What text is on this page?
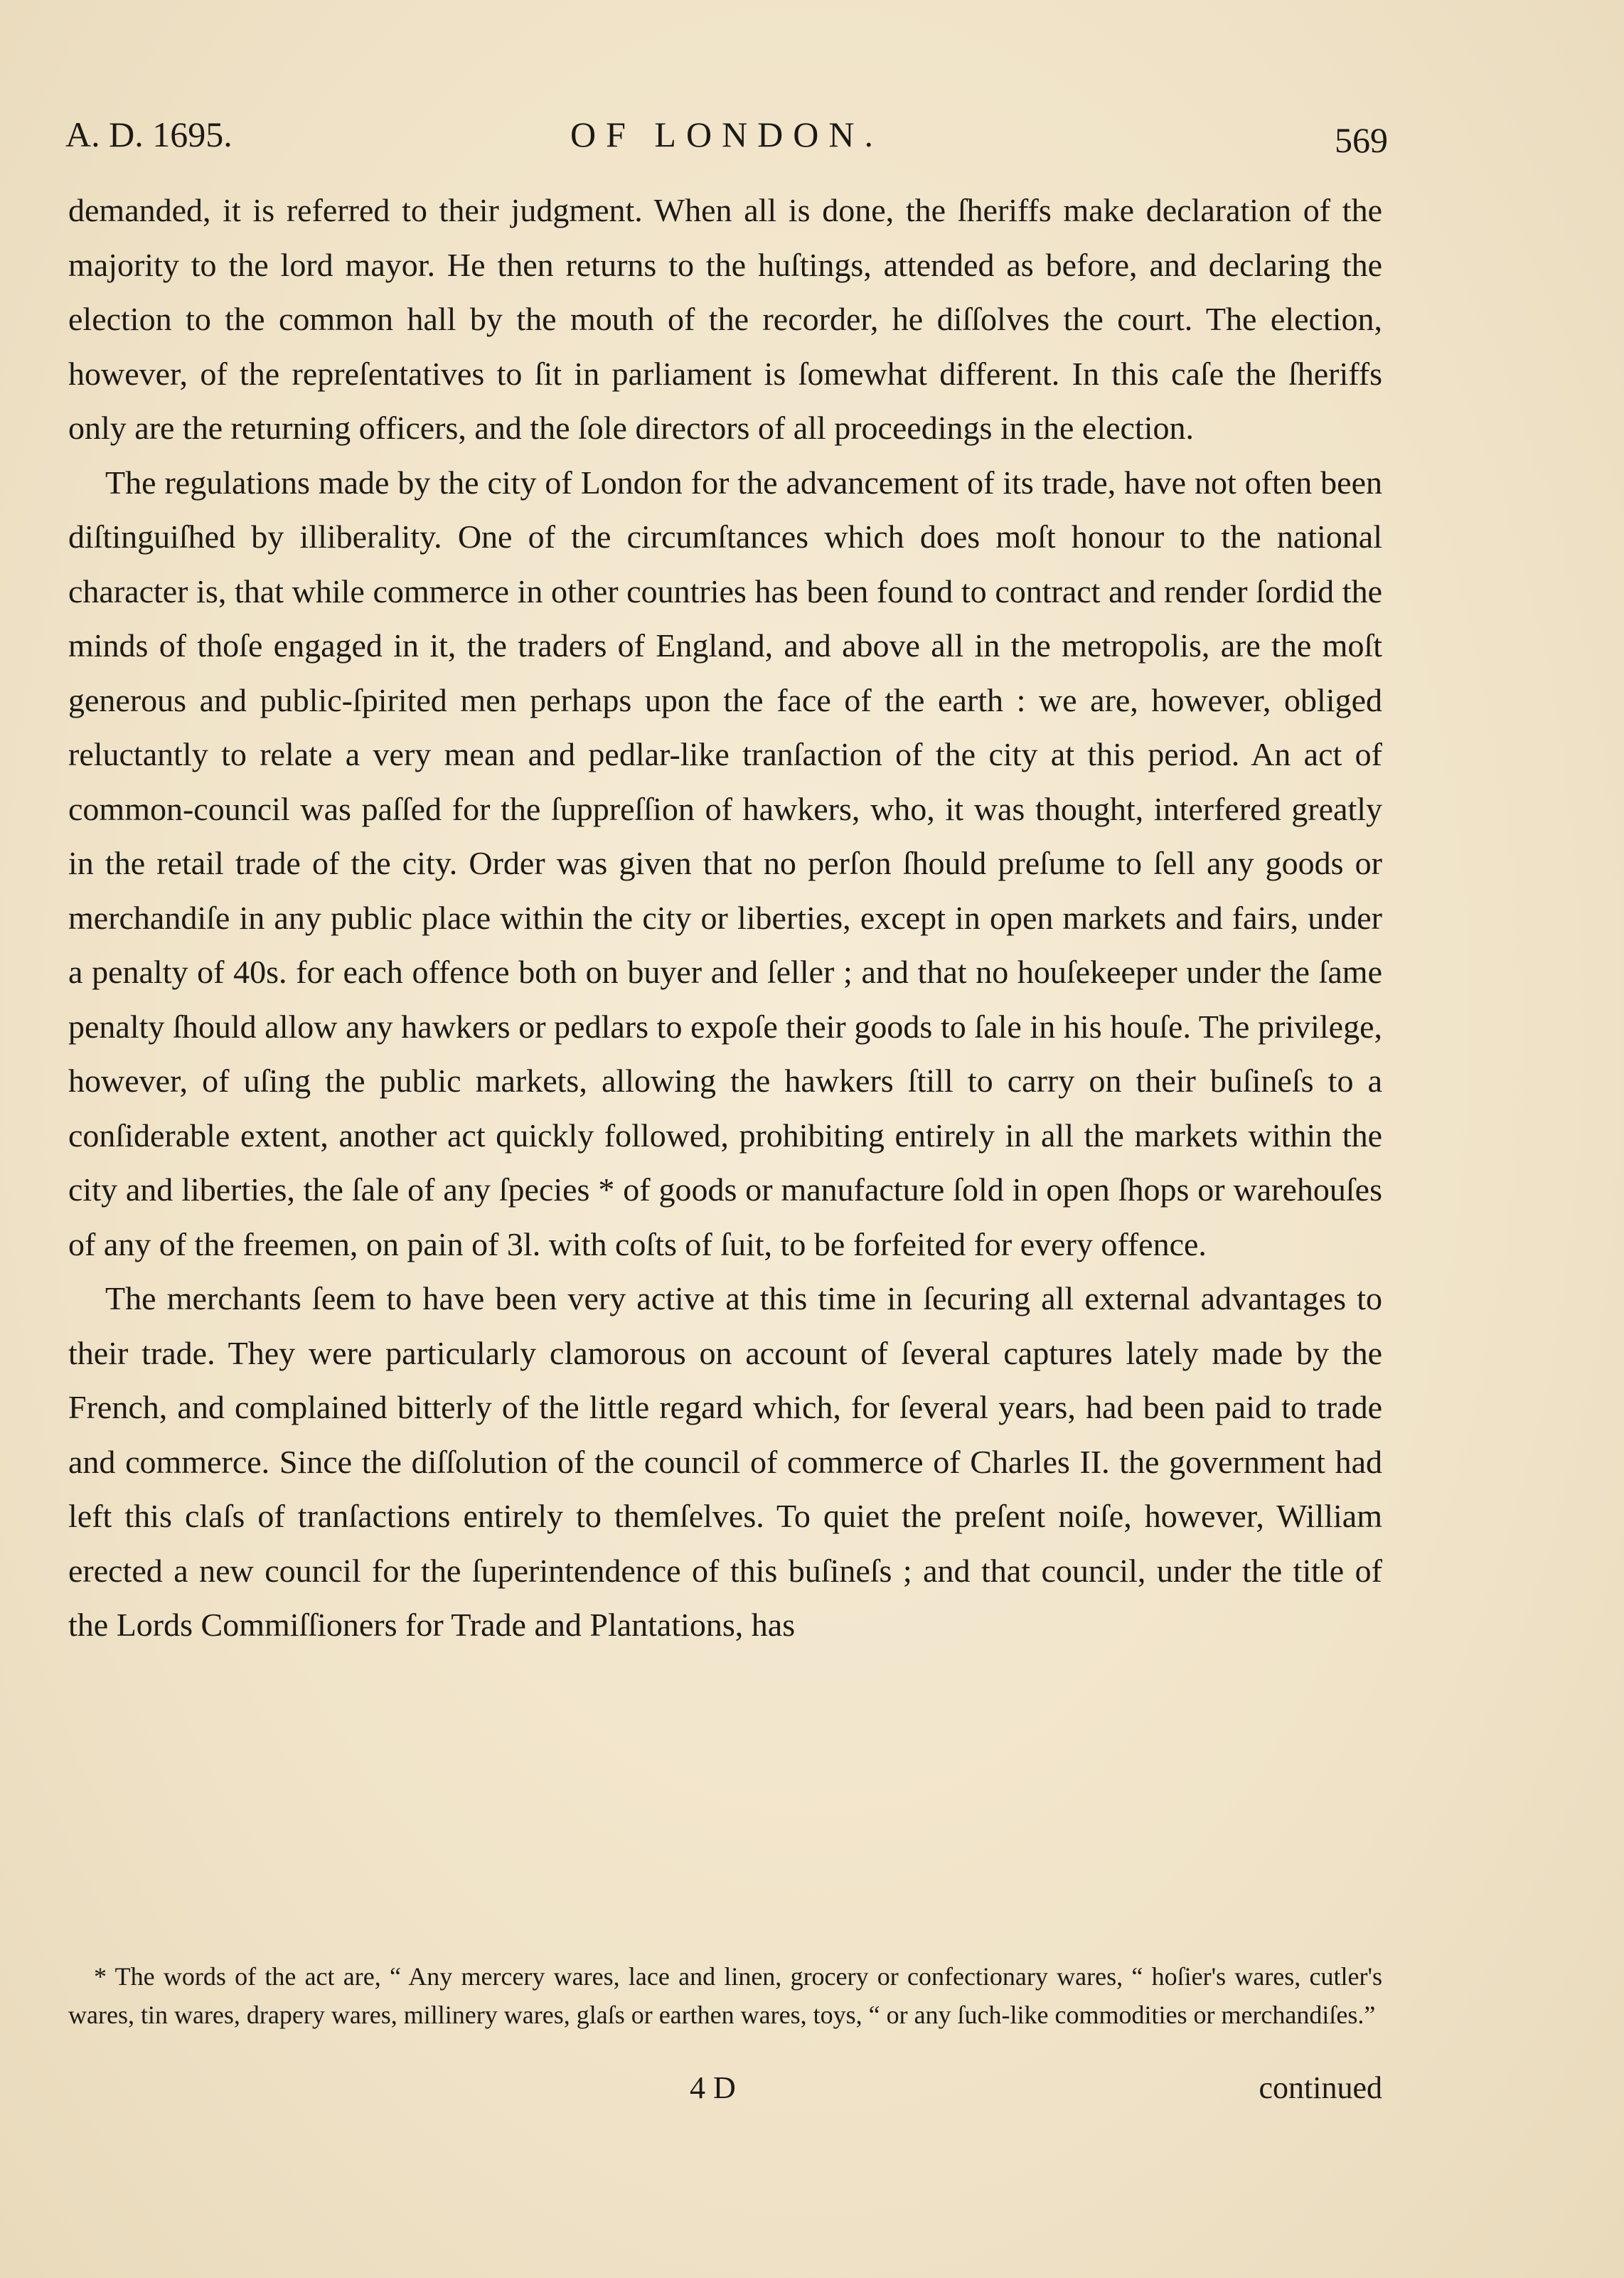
A. D. 1695.	OF LONDON.	569

demanded, it is referred to their judgment. When all is done, the ſheriffs make declaration of the majority to the lord mayor. He then returns to the huſtings, attended as before, and declaring the election to the common hall by the mouth of the recorder, he diſſolves the court. The election, however, of the repreſentatives to ſit in parliament is ſomewhat different. In this caſe the ſheriffs only are the returning officers, and the ſole directors of all proceedings in the election.

The regulations made by the city of London for the advancement of its trade, have not often been diſtinguiſhed by illiberality. One of the circumſtances which does moſt honour to the national character is, that while commerce in other countries has been found to contract and render ſordid the minds of thoſe engaged in it, the traders of England, and above all in the metropolis, are the moſt generous and public-ſpirited men perhaps upon the face of the earth : we are, however, obliged reluctantly to relate a very mean and pedlar-like tranſaction of the city at this period. An act of common-council was paſſed for the ſuppreſſion of hawkers, who, it was thought, interfered greatly in the retail trade of the city. Order was given that no perſon ſhould preſume to ſell any goods or merchandiſe in any public place within the city or liberties, except in open markets and fairs, under a penalty of 40s. for each offence both on buyer and ſeller ; and that no houſekeeper under the ſame penalty ſhould allow any hawkers or pedlars to expoſe their goods to ſale in his houſe. The privilege, however, of uſing the public markets, allowing the hawkers ſtill to carry on their buſineſs to a conſiderable extent, another act quickly followed, prohibiting entirely in all the markets within the city and liberties, the ſale of any ſpecies * of goods or manufacture ſold in open ſhops or warehouſes of any of the freemen, on pain of 3l. with coſts of ſuit, to be forfeited for every offence.

The merchants ſeem to have been very active at this time in ſecuring all external advantages to their trade. They were particularly clamorous on account of ſeveral captures lately made by the French, and complained bitterly of the little regard which, for ſeveral years, had been paid to trade and commerce. Since the diſſolution of the council of commerce of Charles II. the government had left this claſs of tranſactions entirely to themſelves. To quiet the preſent noiſe, however, William erected a new council for the ſuperintendence of this buſineſs ; and that council, under the title of the Lords Commiſſioners for Trade and Plantations, has

* The words of the act are, “ Any mercery wares, lace and linen, grocery or confectionary wares, “ hoſier's wares, cutler's wares, tin wares, drapery wares, millinery wares, glaſs or earthen wares, toys, “ or any ſuch-like commodities or merchandiſes.”

4 D	continued
